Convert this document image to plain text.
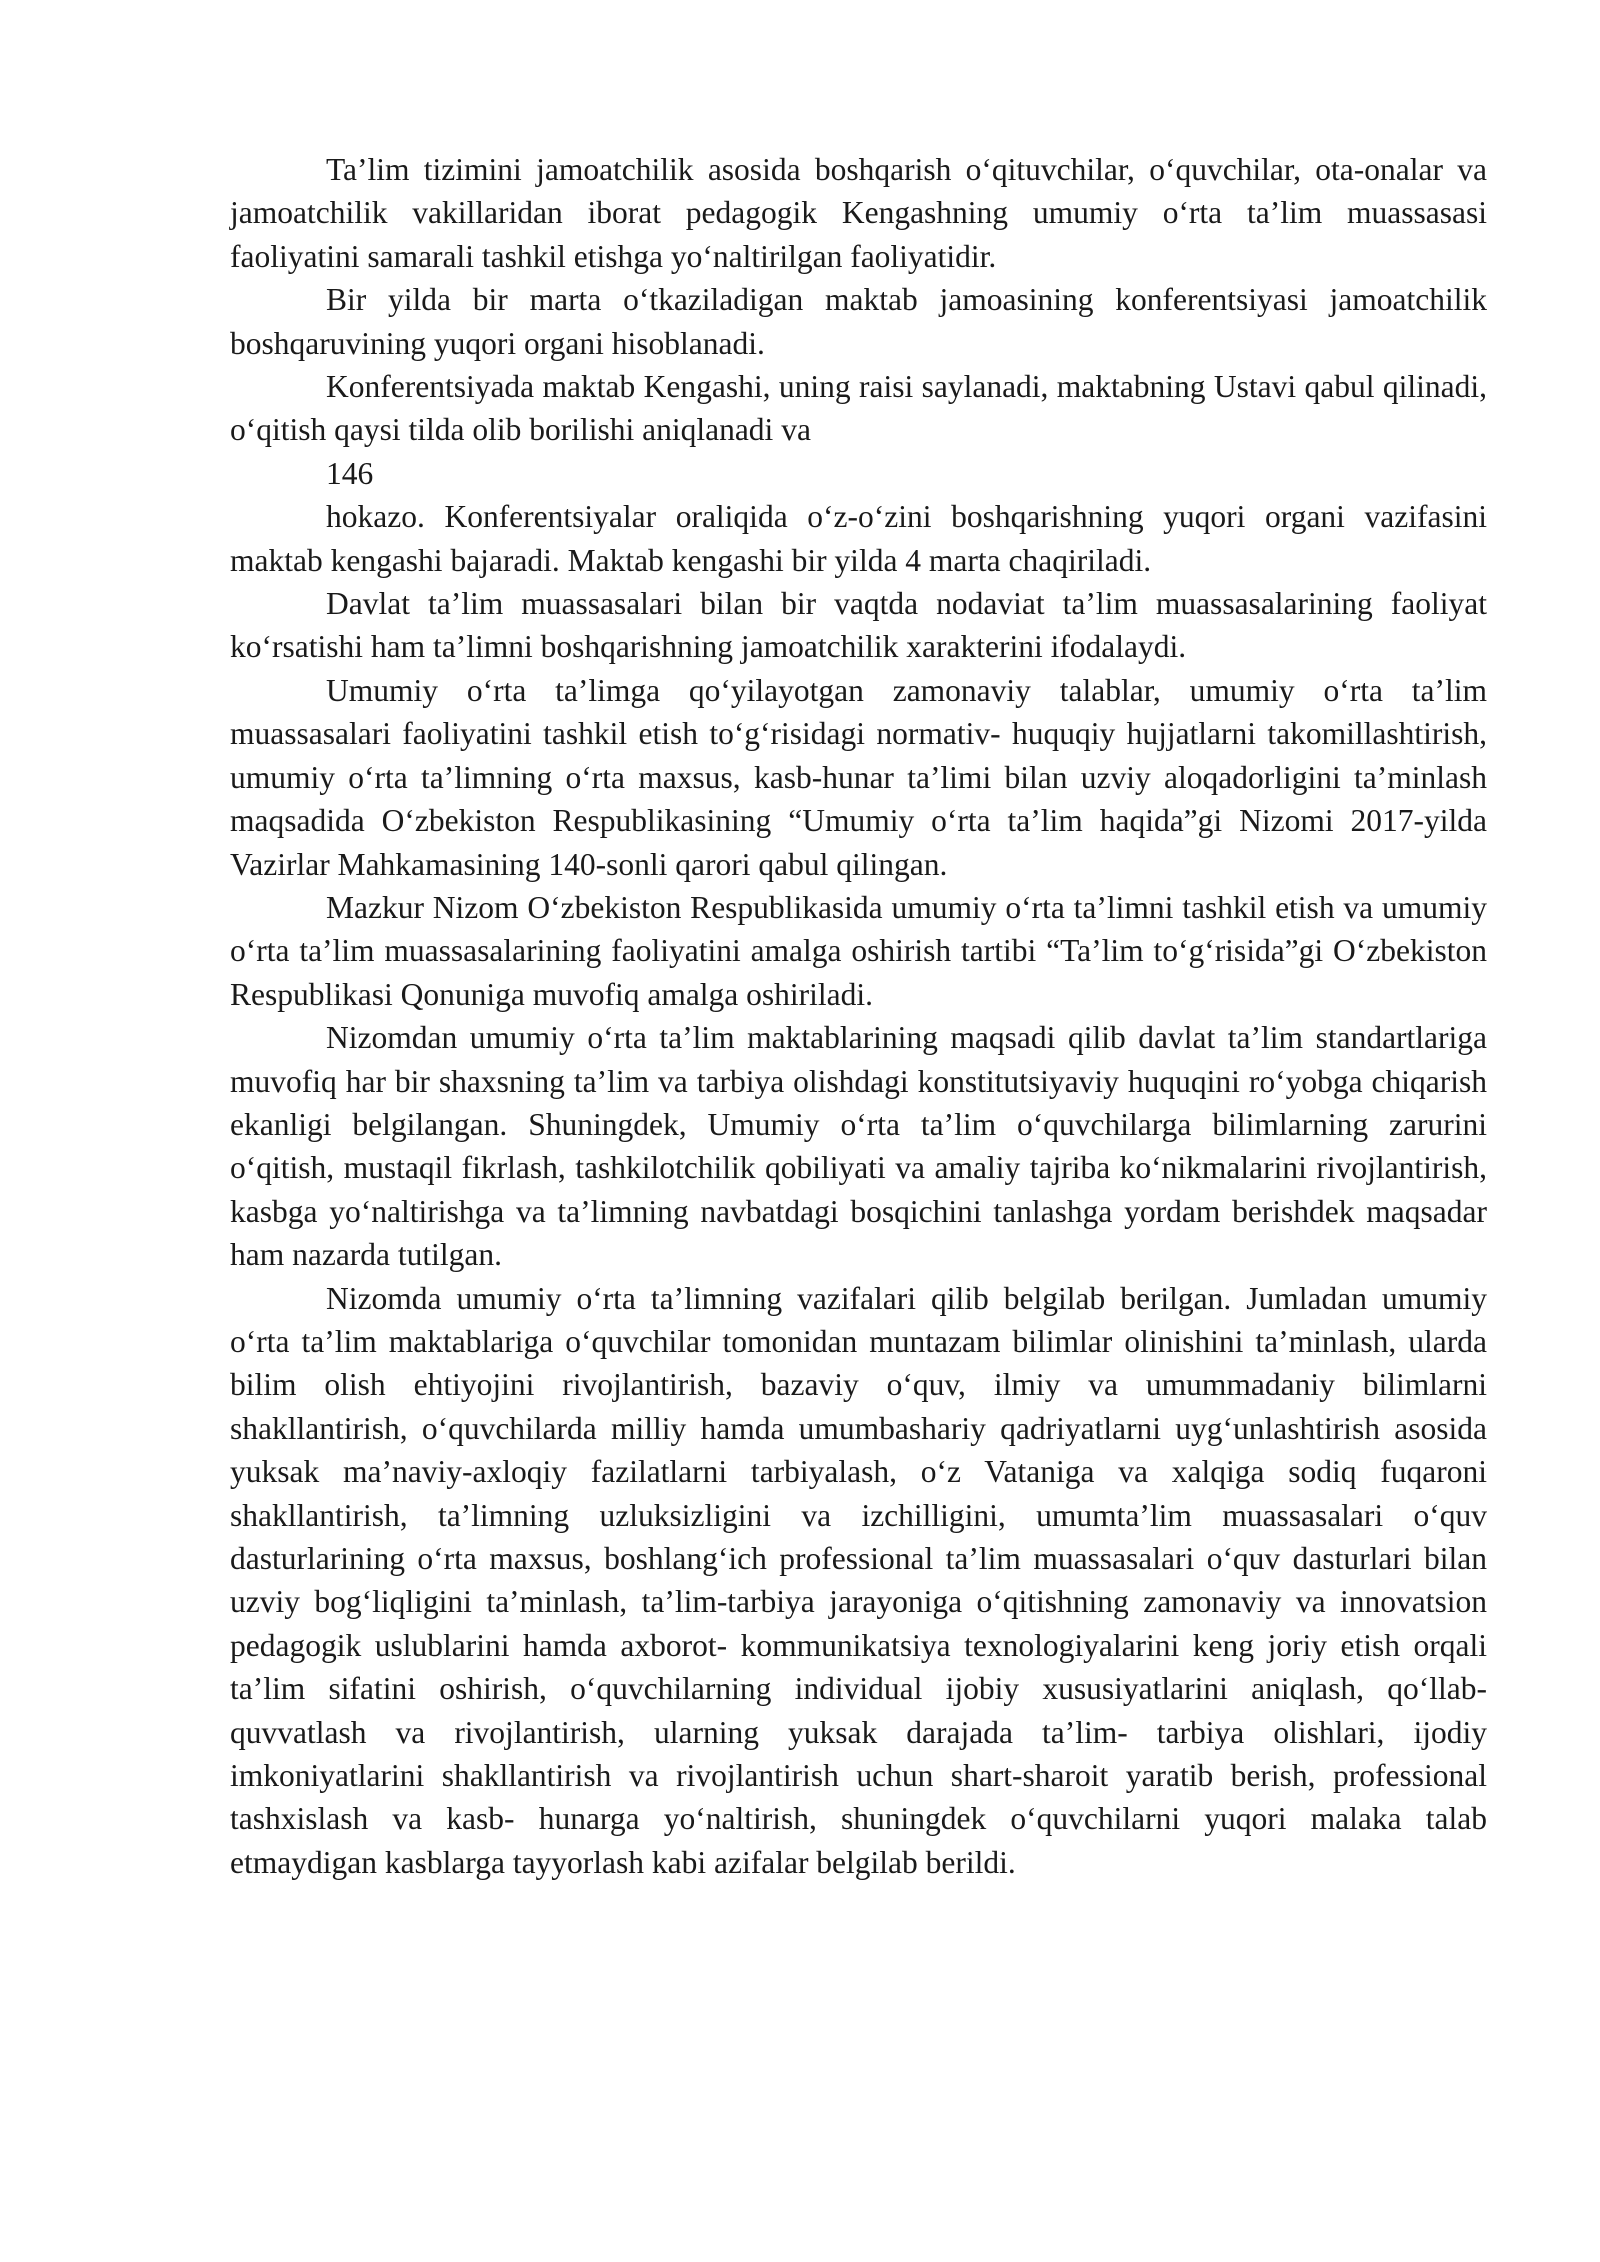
Ta’lim tizimini jamoatchilik asosida boshqarish o‘qituvchilar, o‘quvchilar, ota-onalar va jamoatchilik vakillaridan iborat pedagogik Kengashning umumiy o‘rta ta’lim muassasasi faoliyatini samarali tashkil etishga yo‘naltirilgan faoliyatidir.

Bir yilda bir marta o‘tkaziladigan maktab jamoasining konferentsiyasi jamoatchilik boshqaruvining yuqori organi hisoblanadi.

Konferentsiyada maktab Kengashi, uning raisi saylanadi, maktabning Ustavi qabul qilinadi, o‘qitish qaysi tilda olib borilishi aniqlanadi va

146

hokazo. Konferentsiyalar oraliqida o‘z-o‘zini boshqarishning yuqori organi vazifasini maktab kengashi bajaradi. Maktab kengashi bir yilda 4 marta chaqiriladi.

Davlat ta’lim muassasalari bilan bir vaqtda nodaviat ta’lim muassasalarining faoliyat ko‘rsatishi ham ta’limni boshqarishning jamoatchilik xarakterini ifodalaydi.

Umumiy o‘rta ta’limga qo‘yilayotgan zamonaviy talablar, umumiy o‘rta ta’lim muassasalari faoliyatini tashkil etish to‘g‘risidagi normativ- huquqiy hujjatlarni takomillashtirish, umumiy o‘rta ta’limning o‘rta maxsus, kasb-hunar ta’limi bilan uzviy aloqadorligini ta’minlash maqsadida O‘zbekiston Respublikasining “Umumiy o‘rta ta’lim haqida”gi Nizomi 2017-yilda Vazirlar Mahkamasining 140-sonli qarori qabul qilingan.

Mazkur Nizom O‘zbekiston Respublikasida umumiy o‘rta ta’limni tashkil etish va umumiy o‘rta ta’lim muassasalarining faoliyatini amalga oshirish tartibi “Ta’lim to‘g‘risida”gi O‘zbekiston Respublikasi Qonuniga muvofiq amalga oshiriladi.

Nizomdan umumiy o‘rta ta’lim maktablarining maqsadi qilib davlat ta’lim standartlariga muvofiq har bir shaxsning ta’lim va tarbiya olishdagi konstitutsiyaviy huquqini ro‘yobga chiqarish ekanligi belgilangan. Shuningdek, Umumiy o‘rta ta’lim o‘quvchilarga bilimlarning zarurini o‘qitish, mustaqil fikrlash, tashkilotchilik qobiliyati va amaliy tajriba ko‘nikmalarini rivojlantirish, kasbga yo‘naltirishga va ta’limning navbatdagi bosqichini tanlashga yordam berishdek maqsadar ham nazarda tutilgan.

Nizomda umumiy o‘rta ta’limning vazifalari qilib belgilab berilgan. Jumladan umumiy o‘rta ta’lim maktablariga o‘quvchilar tomonidan muntazam bilimlar olinishini ta’minlash, ularda bilim olish ehtiyojini rivojlantirish, bazaviy o‘quv, ilmiy va umummadaniy bilimlarni shakllantirish, o‘quvchilarda milliy hamda umumbashariy qadriyatlarni uyg‘unlashtirish asosida yuksak ma’naviy-axloqiy fazilatlarni tarbiyalash, o‘z Vataniga va xalqiga sodiq fuqaroni shakllantirish, ta’limning uzluksizligini va izchilligini, umumta’lim muassasalari o‘quv dasturlarining o‘rta maxsus, boshlang‘ich professional ta’lim muassasalari o‘quv dasturlari bilan uzviy bog‘liqligini ta’minlash, ta’lim-tarbiya jarayoniga o‘qitishning zamonaviy va innovatsion pedagogik uslublarini hamda axborot- kommunikatsiya texnologiyalarini keng joriy etish orqali ta’lim sifatini oshirish, o‘quvchilarning individual ijobiy xususiyatlarini aniqlash, qo‘llab-quvvatlash va rivojlantirish, ularning yuksak darajada ta’lim- tarbiya olishlari, ijodiy imkoniyatlarini shakllantirish va rivojlantirish uchun shart-sharoit yaratib berish, professional tashxislash va kasb- hunarga yo‘naltirish, shuningdek o‘quvchilarni yuqori malaka talab etmaydigan kasblarga tayyorlash kabi azifalar belgilab berildi.
